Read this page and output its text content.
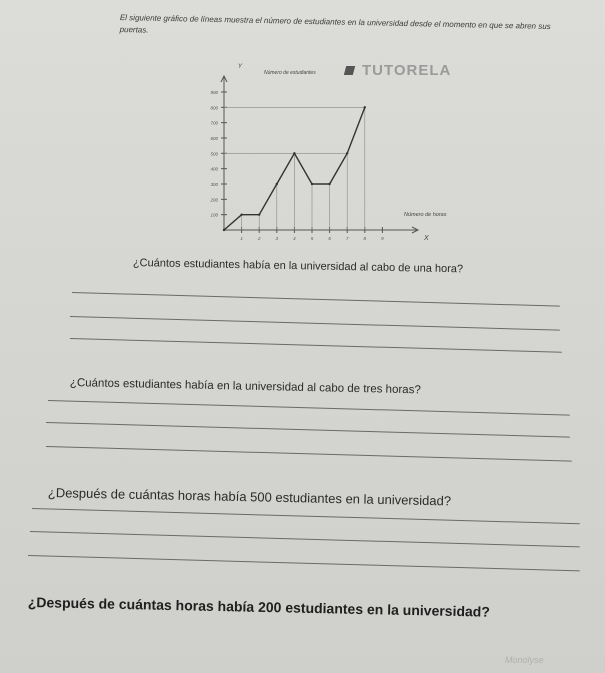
El siguiente gráfico de líneas muestra el número de estudiantes en la universidad desde el momento en que se abren sus puertas.
TUTORELA
100
200
300
400
500
600
700
800
900
1	2	3	4	5	6	7	8	9
Y
Número de estudiantes
Número de horas
X
¿Cuántos estudiantes había en la universidad al cabo de una hora?
¿Cuántos estudiantes había en la universidad al cabo de tres horas?
¿Después de cuántas horas había 500 estudiantes en la universidad?
¿Después de cuántas horas había 200 estudiantes en la universidad?
Monolyse
